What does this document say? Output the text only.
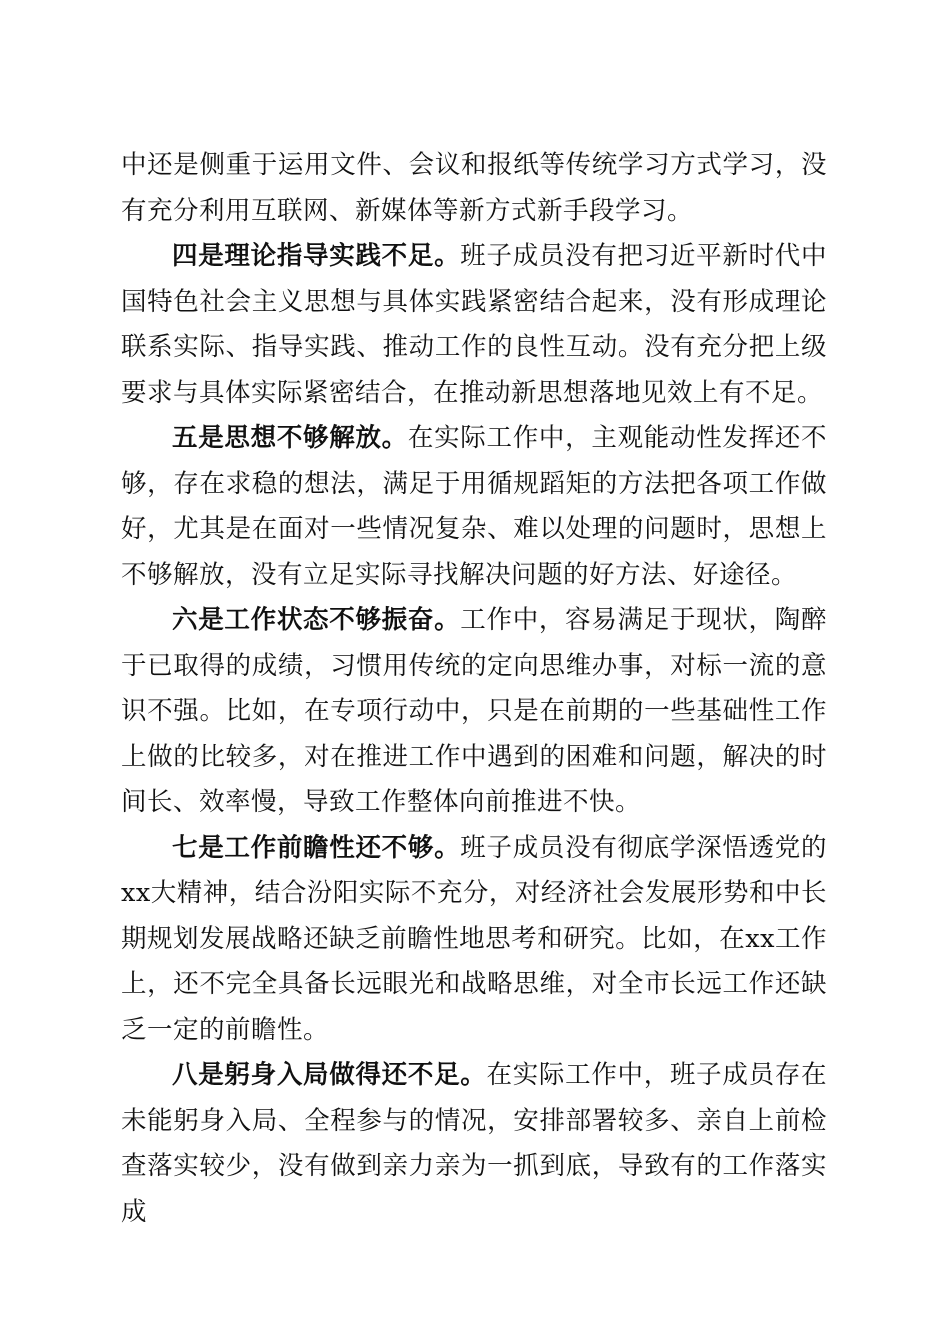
中还是侧重于运用文件、会议和报纸等传统学习方式学习，没有充分利用互联网、新媒体等新方式新手段学习。

四是理论指导实践不足。班子成员没有把习近平新时代中国特色社会主义思想与具体实践紧密结合起来，没有形成理论联系实际、指导实践、推动工作的良性互动。没有充分把上级要求与具体实际紧密结合，在推动新思想落地见效上有不足。

五是思想不够解放。在实际工作中，主观能动性发挥还不够，存在求稳的想法，满足于用循规蹈矩的方法把各项工作做好，尤其是在面对一些情况复杂、难以处理的问题时，思想上不够解放，没有立足实际寻找解决问题的好方法、好途径。

六是工作状态不够振奋。工作中，容易满足于现状，陶醉于已取得的成绩，习惯用传统的定向思维办事，对标一流的意识不强。比如，在专项行动中，只是在前期的一些基础性工作上做的比较多，对在推进工作中遇到的困难和问题，解决的时间长、效率慢，导致工作整体向前推进不快。

七是工作前瞻性还不够。班子成员没有彻底学深悟透党的xx大精神，结合汾阳实际不充分，对经济社会发展形势和中长期规划发展战略还缺乏前瞻性地思考和研究。比如，在xx工作上，还不完全具备长远眼光和战略思维，对全市长远工作还缺乏一定的前瞻性。

八是躬身入局做得还不足。在实际工作中，班子成员存在未能躬身入局、全程参与的情况，安排部署较多、亲自上前检查落实较少，没有做到亲力亲为一抓到底，导致有的工作落实成
